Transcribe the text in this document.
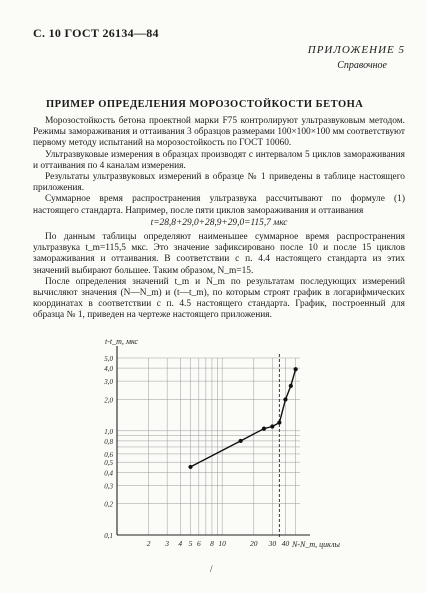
С. 10 ГОСТ 26134—84
ПРИЛОЖЕНИЕ 5
Справочное
ПРИМЕР ОПРЕДЕЛЕНИЯ МОРОЗОСТОЙКОСТИ БЕТОНА

Морозостойкость бетона проектной марки F75 контролируют ультразвуковым методом. Режимы замораживания и оттаивания 3 образцов размерами 100×100×100 мм соответствуют первому методу испытаний на морозостойкость по ГОСТ 10060.

Ультразвуковые измерения в образцах производят с интервалом 5 циклов замораживания и оттаивания по 4 каналам измерения.

Результаты ультразвуковых измерений в образце № 1 приведены в таблице настоящего приложения.

Суммарное время распространения ультразвука рассчитывают по формуле (1) настоящего стандарта. Например, после пяти циклов замораживания и оттаивания

t=28,8+29,0+28,9+29,0=115,7 мкс

По данным таблицы определяют наименьшее суммарное время распространения ультразвука t_m=115,5 мкс. Это значение зафиксировано после 10 и после 15 циклов замораживания и оттаивания. В соответствии с п. 4.4 настоящего стандарта из этих значений выбирают большее. Таким образом, N_m=15.

После определения значений t_m и N_m по результатам последующих измерений вычисляют значения (N—N_m) и (t—t_m), по которым строят график в логарифмических координатах в соответствии с п. 4.5 настоящего стандарта. График, построенный для образца № 1, приведен на чертеже настоящего приложения.

5,0
4,0
3,0
2,0
1,0
0,8
0,6
0,5
0,4
0,3
0,2
0,1
2 3 4 5 6 8 10	20 30 40
t-t_m, мкс
N-N_m, циклы
/
